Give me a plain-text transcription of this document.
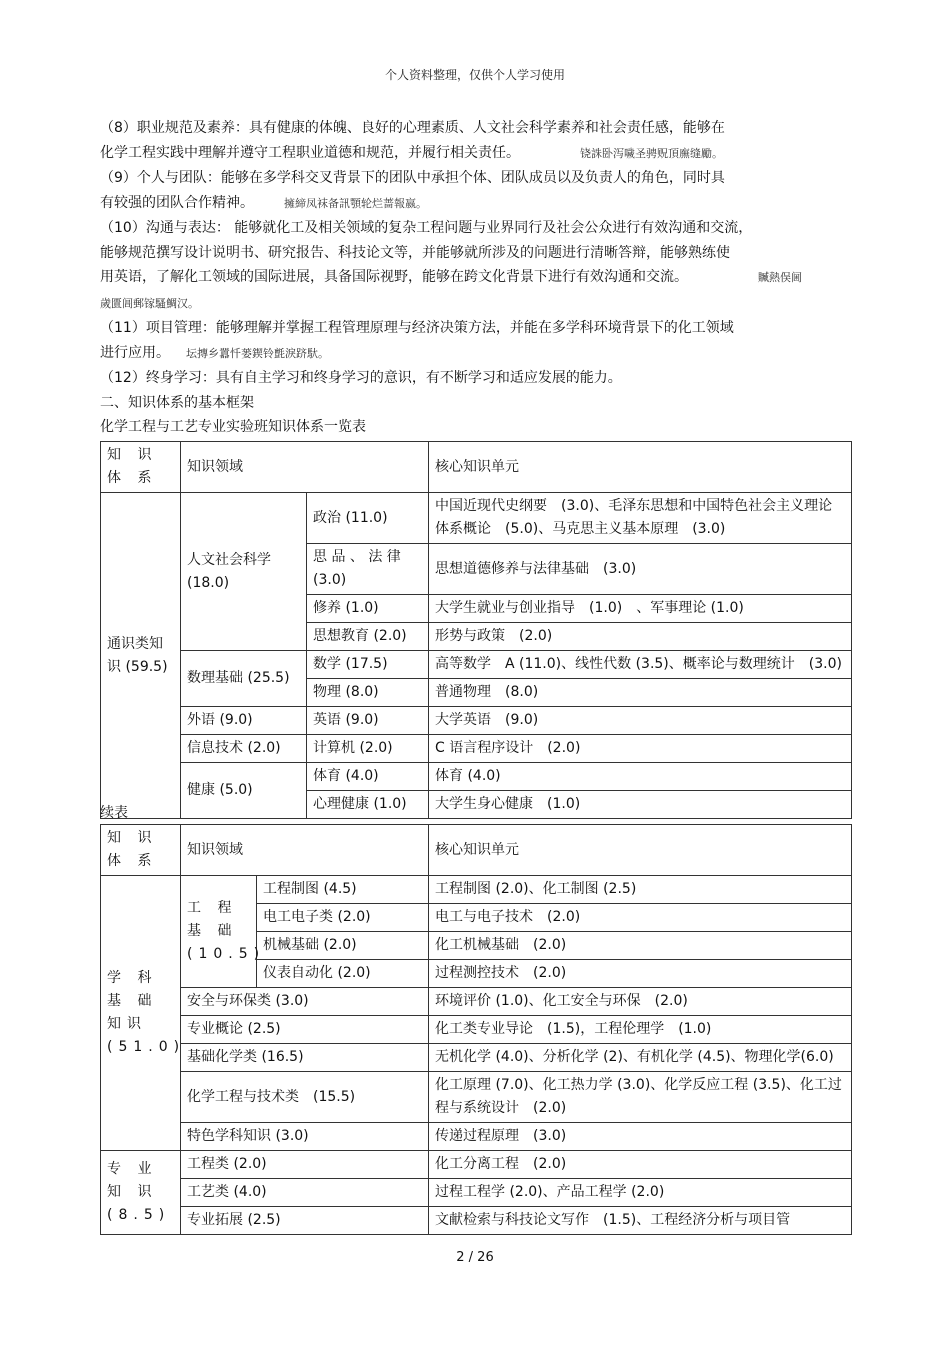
个人资料整理，仅供个人学习使用

（8）职业规范及素养：具有健康的体魄、良好的心理素质、人文社会科学素养和社会责任感，能够在
化学工程实践中理解并遵守工程职业道德和规范，并履行相关责任。	铙誅卧泻噦圣骋贶頂廡缝勵。

（9）个人与团队：能够在多学科交叉背景下的团队中承担个体、团队成员以及负责人的角色，同时具
有较强的团队合作精神。	擁締凤袜备訊顎轮烂蔷報嬴。

（10）沟通与表达： 能够就化工及相关领域的复杂工程问题与业界同行及社会公众进行有效沟通和交流，
能够规范撰写设计说明书、研究报告、科技论文等，并能够就所涉及的问题进行清晰答辩，能够熟练使
用英语，了解化工领域的国际进展，具备国际视野，能够在跨文化背景下进行有效沟通和交流。	贓熱俣阃
歲匱阊郵镓騷鯛汉。

（11）项目管理：能够理解并掌握工程管理原理与经济决策方法，并能在多学科环境背景下的化工领域
进行应用。 坛摶乡囂忏蒌鍥铃氈淚跻馱。

（12）终身学习：具有自主学习和终身学习的意识，有不断学习和适应发展的能力。

二、知识体系的基本框架

化学工程与工艺专业实验班知识体系一览表
知 识 体 系	知识领域		核心知识单元
通识类知识 (59.5)	人文社会科学 (18.0)	政治 (11.0)	中国近现代史纲要　(3.0)、毛泽东思想和中国特色社会主义理论体系概论　(5.0)、马克思主义基本原理　(3.0)
		思 品 、 法 律 (3.0)	思想道德修养与法律基础　(3.0)
		修养 (1.0)	大学生就业与创业指导　(1.0)　、军事理论 (1.0)
		思想教育 (2.0)	形势与政策　(2.0)
	数理基础 (25.5)	数学 (17.5)	高等数学　A (11.0)、线性代数 (3.5)、概率论与数理统计　(3.0)
		物理 (8.0)	普通物理　(8.0)
	外语 (9.0)	英语 (9.0)	大学英语　(9.0)
	信息技术 (2.0)	计算机 (2.0)	C 语言程序设计　(2.0)
	健康 (5.0)	体育 (4.0)	体育 (4.0)
		心理健康 (1.0)	大学生身心健康　(1.0)
续表
知 识 体 系	知识领域		核心知识单元
学 科 基 础 知识 (51.0)	工 程 基 础 (10.5)	工程制图 (4.5)	工程制图 (2.0)、化工制图 (2.5)
		电工电子类 (2.0)	电工与电子技术　(2.0)
		机械基础 (2.0)	化工机械基础　(2.0)
		仪表自动化 (2.0)	过程测控技术　(2.0)
	安全与环保类 (3.0)		环境评价 (1.0)、化工安全与环保　(2.0)
	专业概论 (2.5)		化工类专业导论　(1.5)，工程伦理学　(1.0)
	基础化学类 (16.5)		无机化学 (4.0)、分析化学 (2)、有机化学 (4.5)、物理化学(6.0)
	化学工程与技术类　(15.5)		化工原理 (7.0)、化工热力学 (3.0)、化学反应工程 (3.5)、化工过程与系统设计　(2.0)
	特色学科知识 (3.0)		传递过程原理　(3.0)
专 业 知 识(8.5)	工程类 (2.0)		化工分离工程　(2.0)
	工艺类 (4.0)		过程工程学 (2.0)、产品工程学 (2.0)
	专业拓展 (2.5)		文献检索与科技论文写作　(1.5)、工程经济分析与项目管
2 / 26
